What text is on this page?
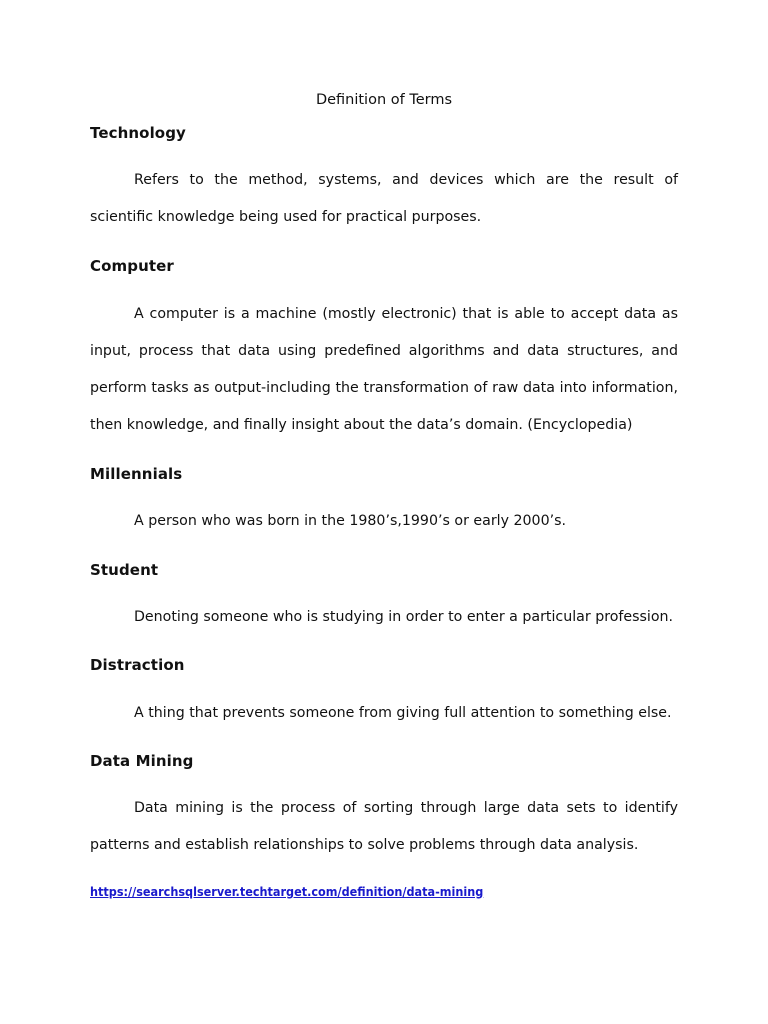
Definition of Terms
Technology

Refers to the method, systems, and devices which are the result of scientific knowledge being used for practical purposes.

Computer

A computer is a machine (mostly electronic) that is able to accept data as input, process that data using predefined algorithms and data structures, and perform tasks as output-including the transformation of raw data into information, then knowledge, and finally insight about the data’s domain. (Encyclopedia)

Millennials

A person who was born in the 1980’s,1990’s or early 2000’s.

Student

Denoting someone who is studying in order to enter a particular profession.

Distraction

A thing that prevents someone from giving full attention to something else.

Data Mining

Data mining is the process of sorting through large data sets to identify patterns and establish relationships to solve problems through data analysis.

https://searchsqlserver.techtarget.com/definition/data-mining
